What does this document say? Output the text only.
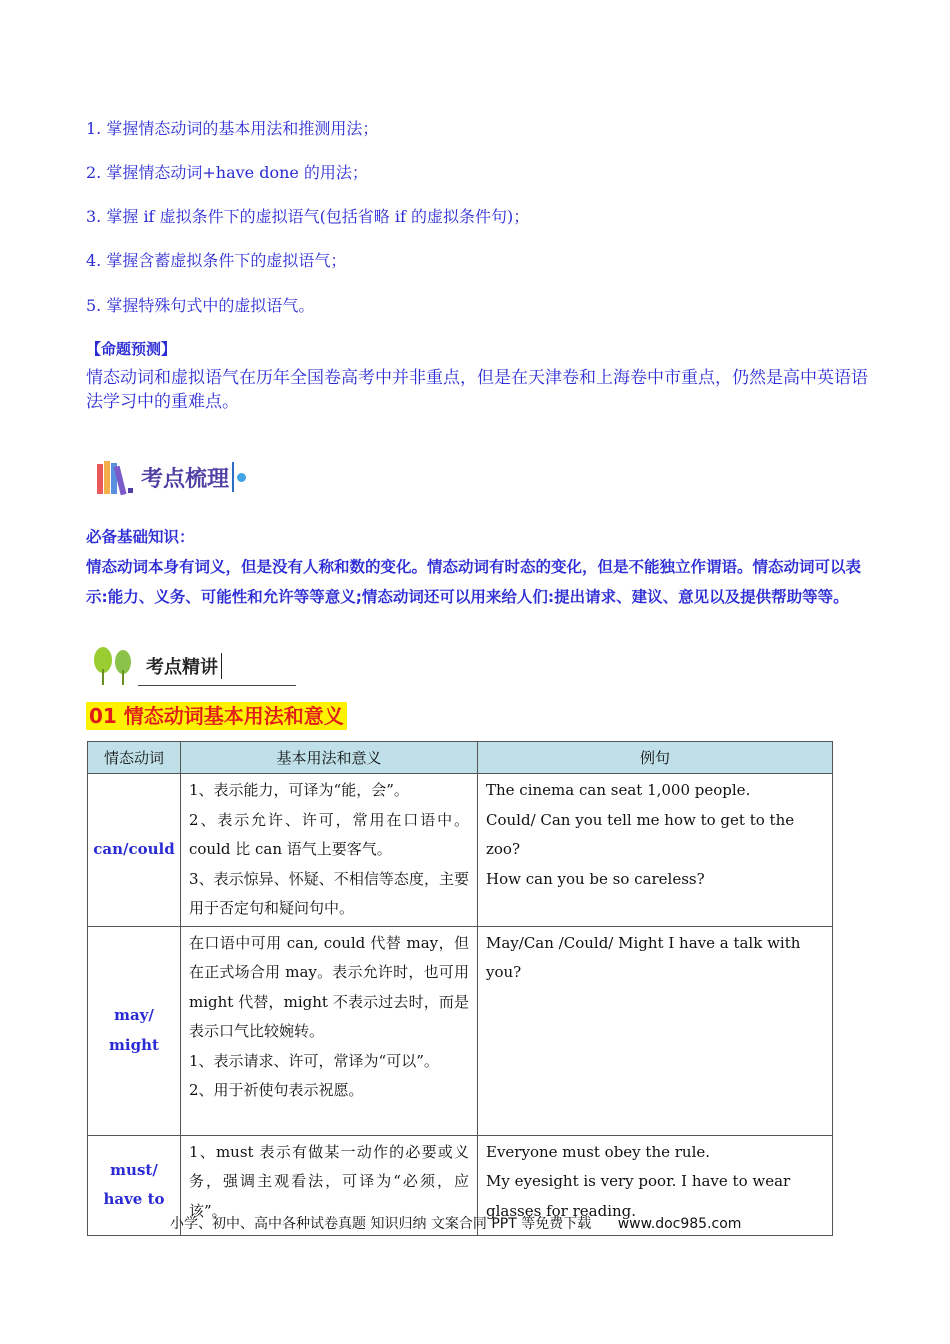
1. 掌握情态动词的基本用法和推测用法；
2. 掌握情态动词+have done 的用法；
3. 掌握 if 虚拟条件下的虚拟语气(包括省略 if 的虚拟条件句)；
4. 掌握含蓄虚拟条件下的虚拟语气；
5. 掌握特殊句式中的虚拟语气。
【命题预测】
情态动词和虚拟语气在历年全国卷高考中并非重点，但是在天津卷和上海卷中市重点，仍然是高中英语语法学习中的重难点。
考点梳理
必备基础知识：
情态动词本身有词义，但是没有人称和数的变化。情态动词有时态的变化，但是不能独立作谓语。情态动词可以表示:能力、义务、可能性和允许等等意义;情态动词还可以用来给人们:提出请求、建议、意见以及提供帮助等等。
考点精讲
01 情态动词基本用法和意义
情态动词	基本用法和意义	例句
can/could	1、表示能力，可译为“能，会”。
2、表示允许、许可，常用在口语中。could 比 can 语气上要客气。
3、表示惊异、怀疑、不相信等态度，主要用于否定句和疑问句中。	The cinema can seat 1,000 people.
Could/ Can you tell me how to get to the zoo?
How can you be so careless?

may/ might	在口语中可用 can, could 代替 may，但在正式场合用 may。表示允许时，也可用 might 代替，might 不表示过去时，而是表示口气比较婉转。
1、表示请求、许可，常译为“可以”。
2、用于祈使句表示祝愿。	May/Can /Could/ Might I have a talk with you?

must/ have to	1、must 表示有做某一动作的必要或义务，强调主观看法，可译为“必须，应该”。	Everyone must obey the rule.
My eyesight is very poor. I have to wear glasses for reading.
小学、初中、高中各种试卷真题 知识归纳 文案合同 PPT 等免费下载 www.doc985.com
